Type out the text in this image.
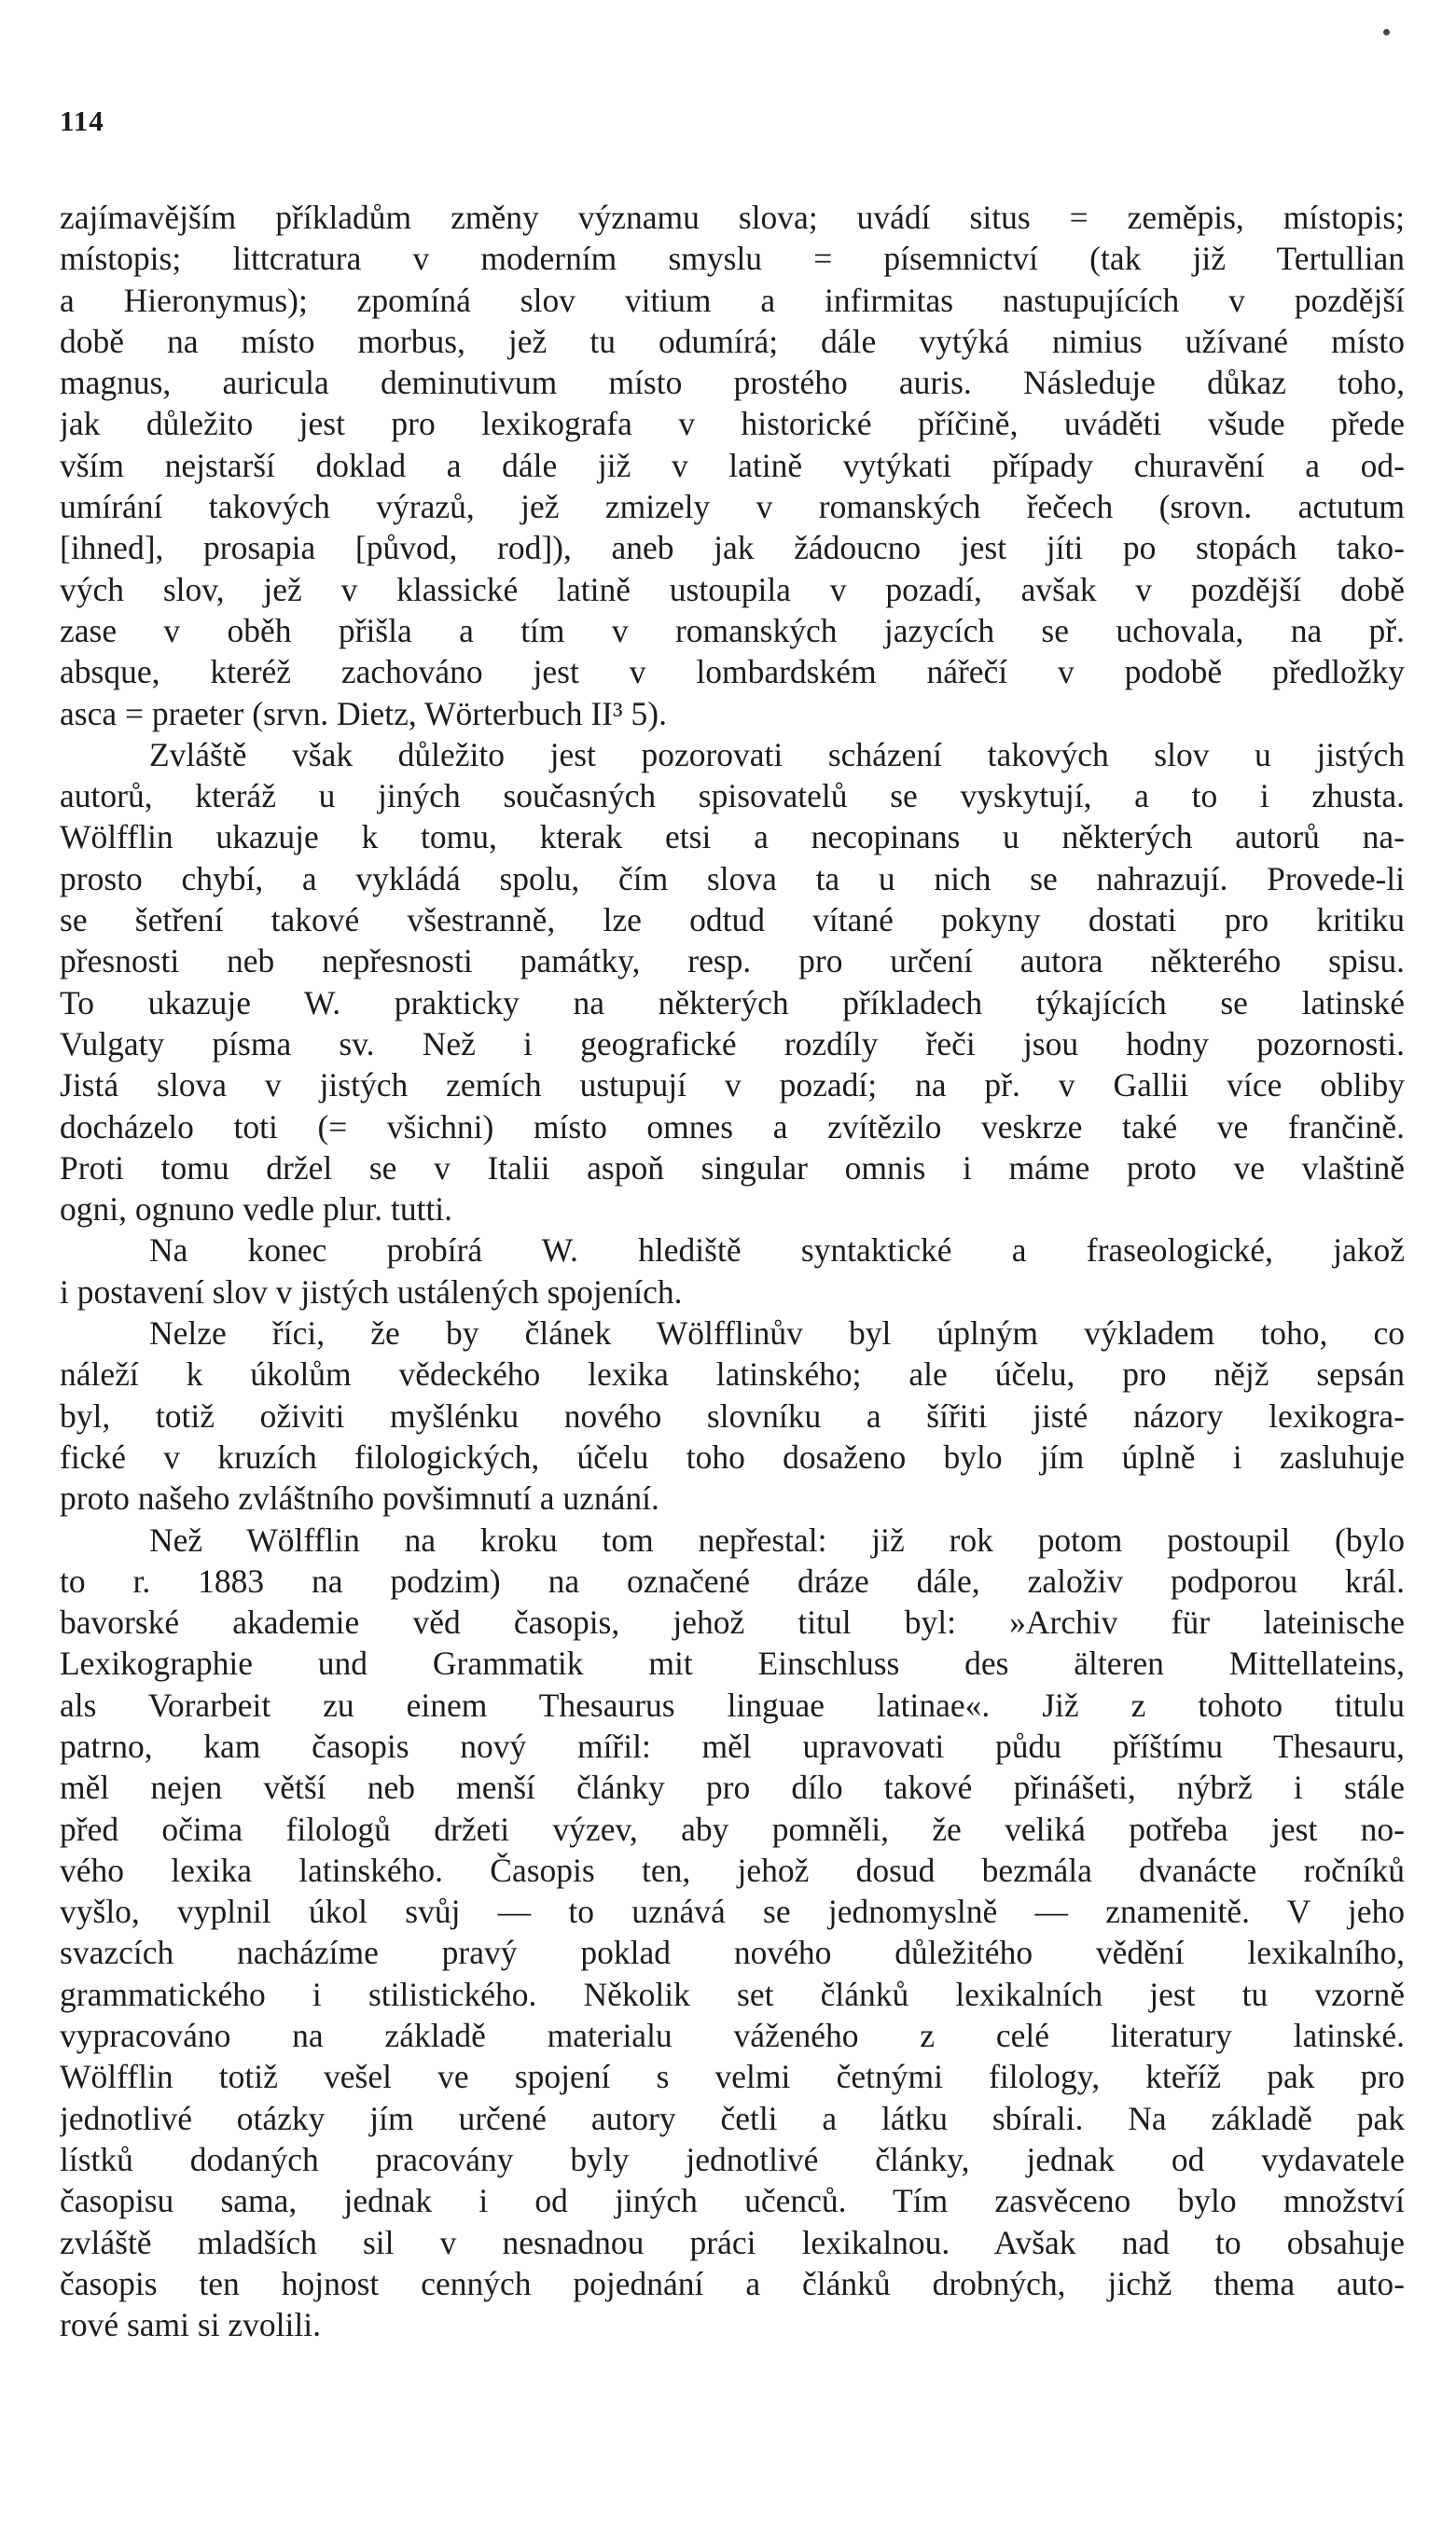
114
zajímavějším příkladům změny významu slova; uvádí situs = zeměpis, místopis;
místopis; littcratura v moderním smyslu = písemnictví (tak již Tertullian
a Hieronymus); zpomíná slov vitium a infirmitas nastupujících v pozdější
době na místo morbus, jež tu odumírá; dále vytýká nimius užívané místo
magnus, auricula deminutivum místo prostého auris. Následuje důkaz toho,
jak důležito jest pro lexikografa v historické příčině, uváděti všude přede
vším nejstarší doklad a dále již v latině vytýkati případy churavění a od-
umírání takových výrazů, jež zmizely v romanských řečech (srovn. actutum
[ihned], prosapia [původ, rod]), aneb jak žádoucno jest jíti po stopách tako-
vých slov, jež v klassické latině ustoupila v pozadí, avšak v pozdější době
zase v oběh přišla a tím v romanských jazycích se uchovala, na př.
absque, kteréž zachováno jest v lombardském nářečí v podobě předložky
asca = praeter (srvn. Dietz, Wörterbuch II³ 5).
Zvláště však důležito jest pozorovati scházení takových slov u jistých
autorů, kteráž u jiných současných spisovatelů se vyskytují, a to i zhusta.
Wölfflin ukazuje k tomu, kterak etsi a necopinans u některých autorů na-
prosto chybí, a vykládá spolu, čím slova ta u nich se nahrazují. Provede-li
se šetření takové všestranně, lze odtud vítané pokyny dostati pro kritiku
přesnosti neb nepřesnosti památky, resp. pro určení autora některého spisu.
To ukazuje W. prakticky na některých příkladech týkajících se latinské
Vulgaty písma sv. Než i geografické rozdíly řeči jsou hodny pozornosti.
Jistá slova v jistých zemích ustupují v pozadí; na př. v Gallii více obliby
docházelo toti (= všichni) místo omnes a zvítězilo veskrze také ve frančině.
Proti tomu držel se v Italii aspoň singular omnis i máme proto ve vlaštině
ogni, ognuno vedle plur. tutti.
Na konec probírá W. hlediště syntaktické a fraseologické, jakož
i postavení slov v jistých ustálených spojeních.
Nelze říci, že by článek Wölfflinův byl úplným výkladem toho, co
náleží k úkolům vědeckého lexika latinského; ale účelu, pro nějž sepsán
byl, totiž oživiti myšlénku nového slovníku a šířiti jisté názory lexikogra-
fické v kruzích filologických, účelu toho dosaženo bylo jím úplně i zasluhuje
proto našeho zvláštního povšimnutí a uznání.
Než Wölfflin na kroku tom nepřestal: již rok potom postoupil (bylo
to r. 1883 na podzim) na označené dráze dále, založiv podporou král.
bavorské akademie věd časopis, jehož titul byl: »Archiv für lateinische
Lexikographie und Grammatik mit Einschluss des älteren Mittellateins,
als Vorarbeit zu einem Thesaurus linguae latinae«. Již z tohoto titulu
patrno, kam časopis nový mířil: měl upravovati půdu příštímu Thesauru,
měl nejen větší neb menší články pro dílo takové přinášeti, nýbrž i stále
před očima filologů držeti výzev, aby pomněli, že veliká potřeba jest no-
vého lexika latinského. Časopis ten, jehož dosud bezmála dvanácte ročníků
vyšlo, vyplnil úkol svůj — to uznává se jednomyslně — znamenitě. V jeho
svazcích nacházíme pravý poklad nového důležitého vědění lexikalního,
grammatického i stilistického. Několik set článků lexikalních jest tu vzorně
vypracováno na základě materialu váženého z celé literatury latinské.
Wölfflin totiž vešel ve spojení s velmi četnými filology, kteříž pak pro
jednotlivé otázky jím určené autory četli a látku sbírali. Na základě pak
lístků dodaných pracovány byly jednotlivé články, jednak od vydavatele
časopisu sama, jednak i od jiných učenců. Tím zasvěceno bylo množství
zvláště mladších sil v nesnadnou práci lexikalnou. Avšak nad to obsahuje
časopis ten hojnost cenných pojednání a článků drobných, jichž thema auto-
rové sami si zvolili.
